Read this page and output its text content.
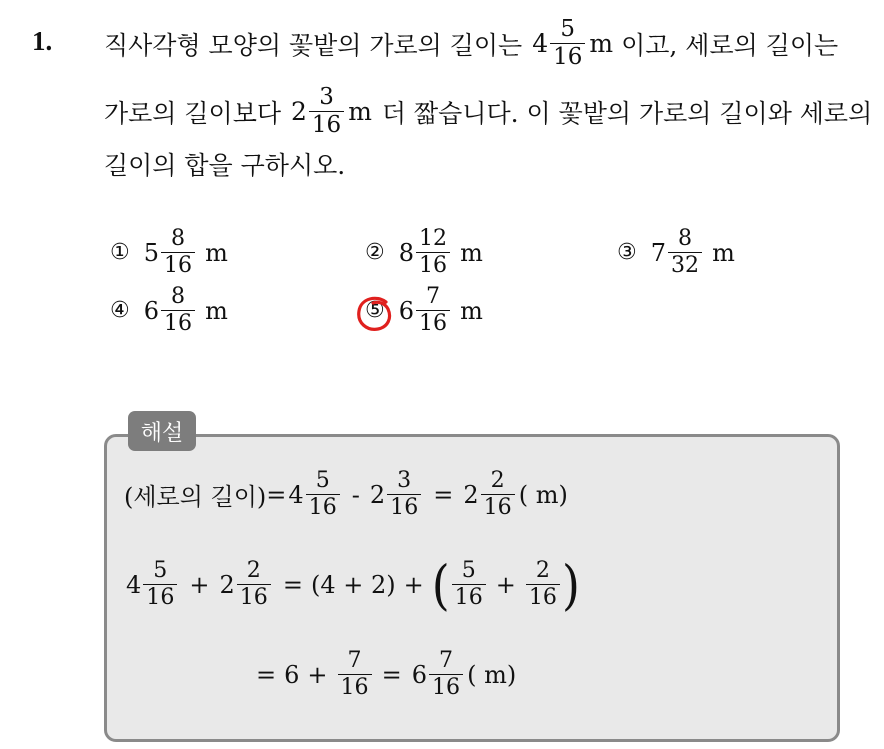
1. 직사각형 모양의 꽃밭의 가로의 길이는 $4 \frac{5}{16}$ m 이고, 세로의 길이는
가로의 길이보다 $2 \frac{3}{16}$ m 더 짧습니다. 이 꽃밭의 가로의 길이와 세로의
길이의 합을 구하시오.
① $5 \frac{8}{16}$ m	② $8 \frac{12}{16}$ m	③ $7 \frac{8}{32}$ m
④ $6 \frac{8}{16}$ m	⑤ $6 \frac{7}{16}$ m
해설
(세로의 길이) = $4 \frac{5}{16} - 2 \frac{3}{16} = 2 \frac{2}{16}$ ( m)
$4 \frac{5}{16} + 2 \frac{2}{16} = (4 + 2)$ + ( $\frac{5}{16} + \frac{2}{16}$ )
= $6 + \frac{7}{16} = 6 \frac{7}{16}$ ( m)
